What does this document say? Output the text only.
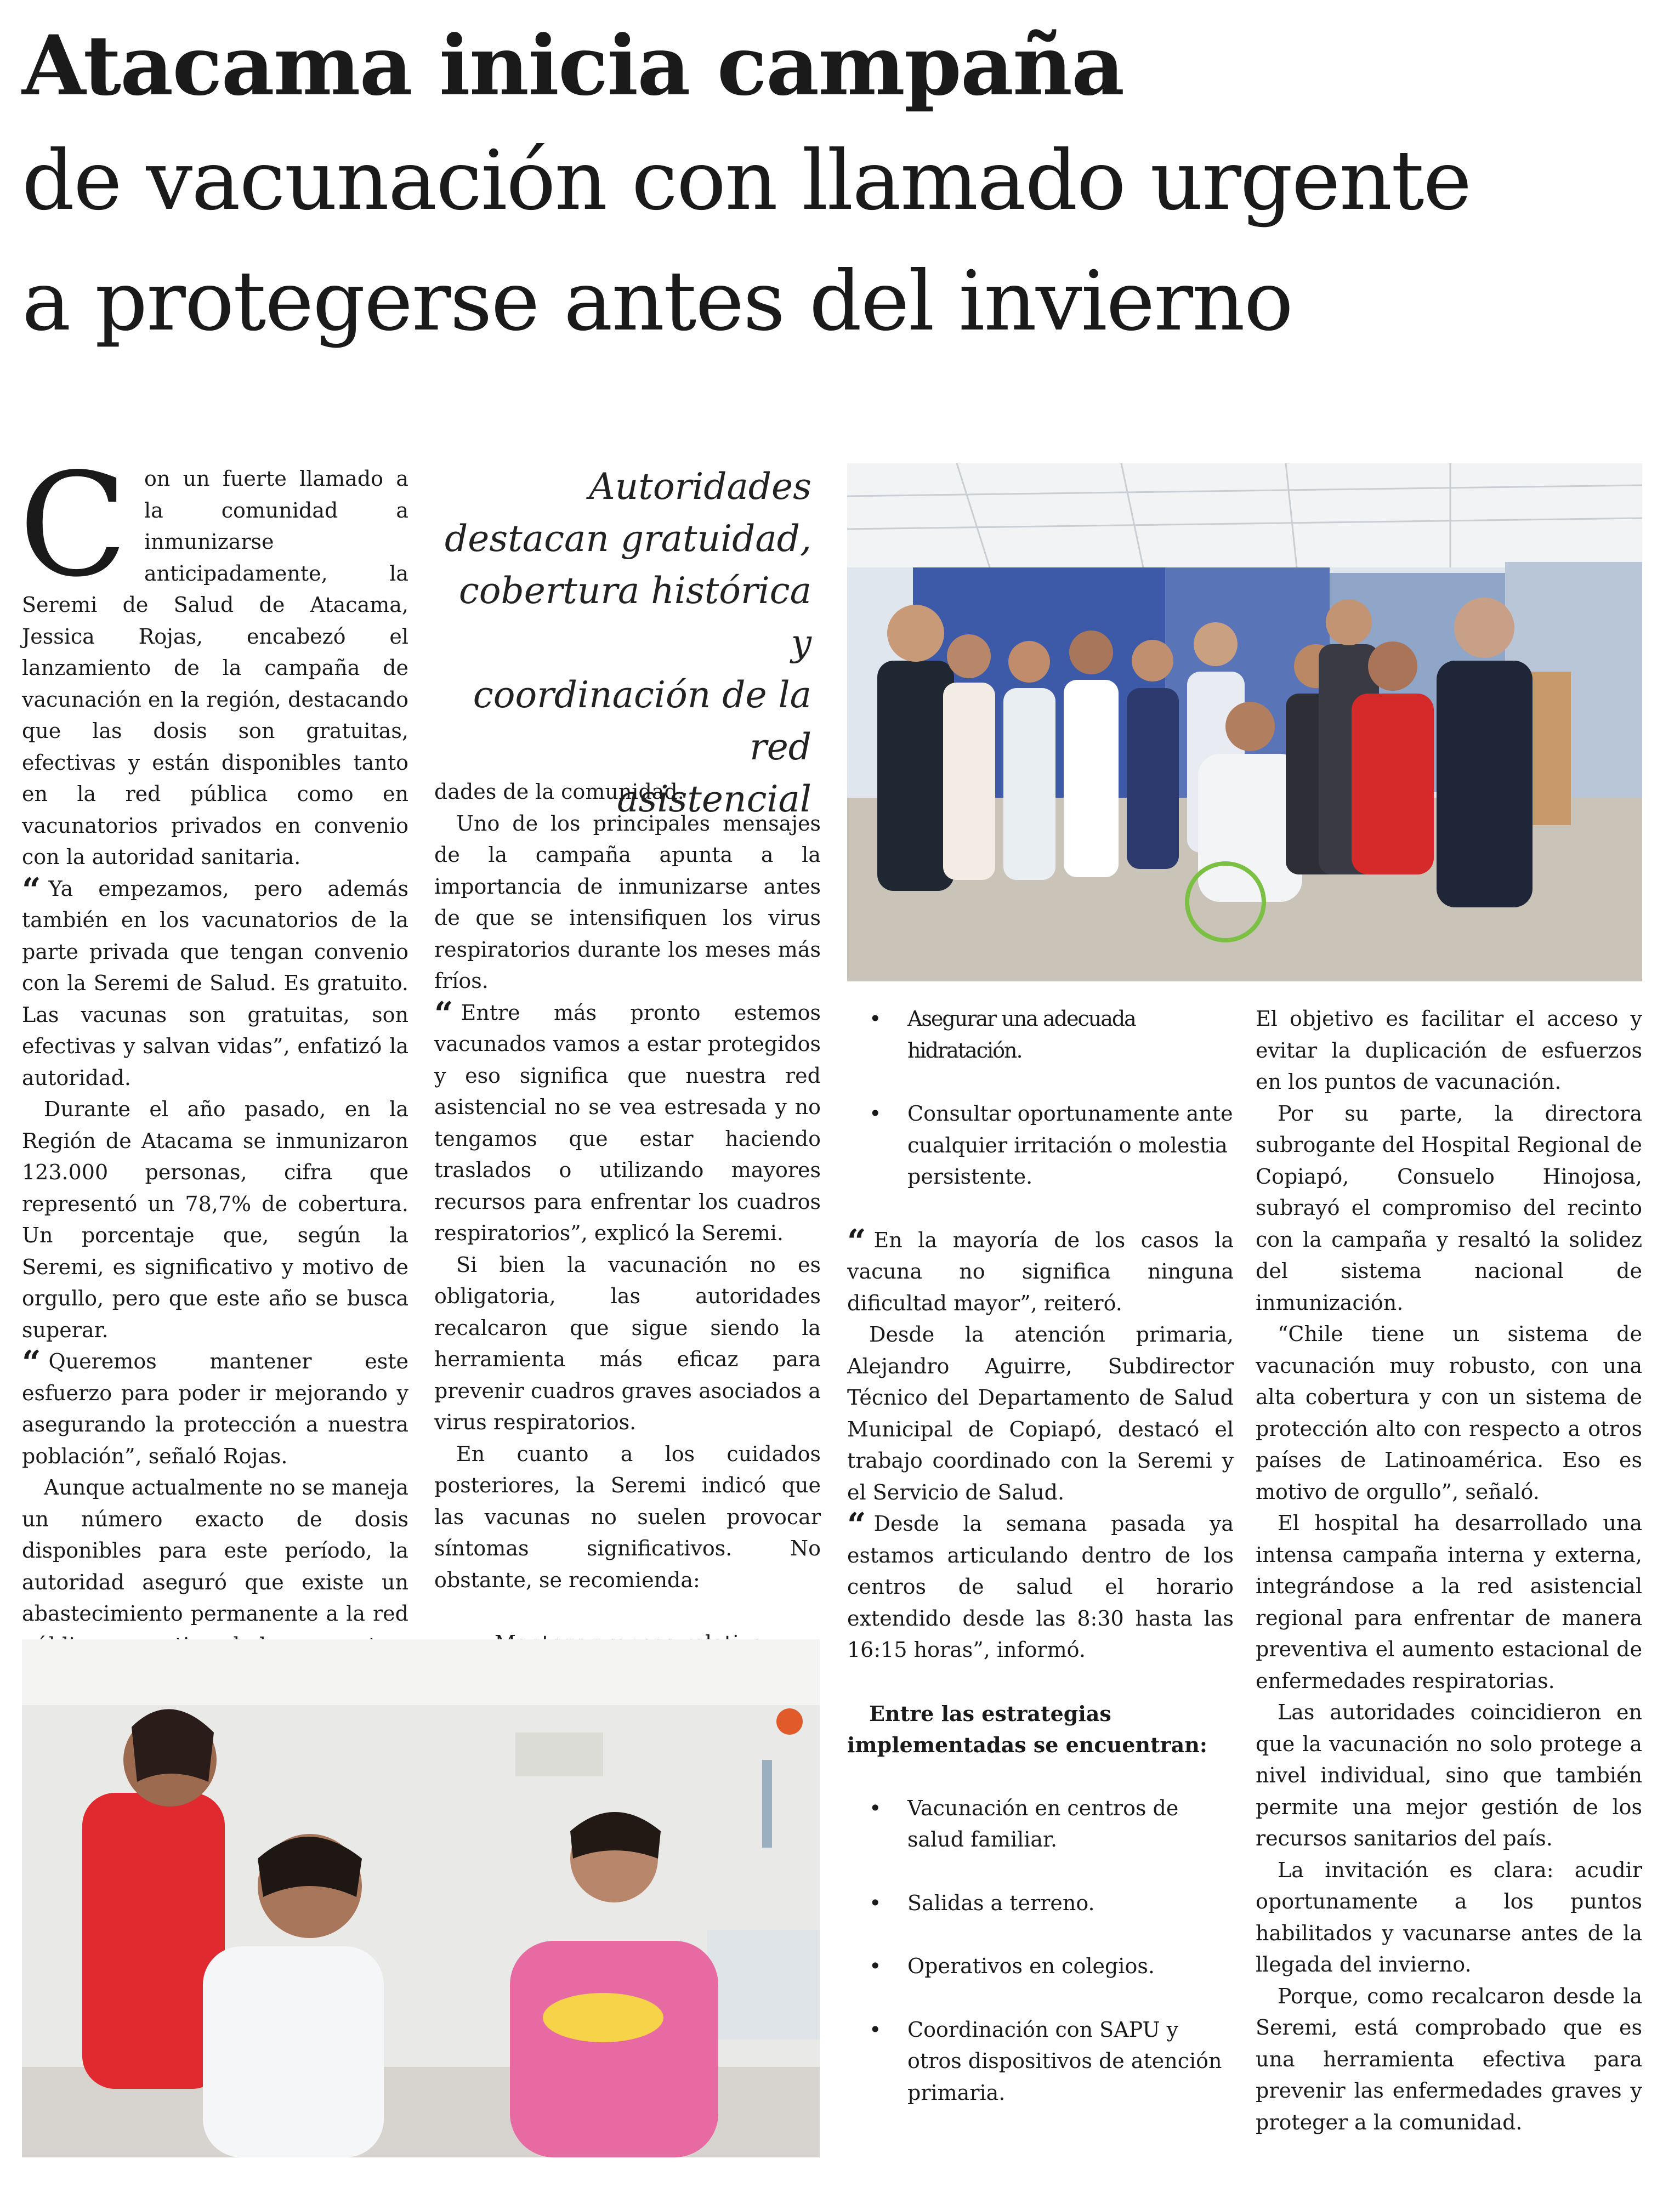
Atacama inicia campaña
de vacunación con llamado urgente
a protegerse antes del invierno

Con un fuerte llamado a la comunidad a inmunizarse anticipadamente, la Seremi de Salud de Atacama, Jessica Rojas, encabezó el lanzamiento de la campaña de vacunación en la región, destacando que las dosis son gratuitas, efectivas y están disponibles tanto en la red pública como en vacunatorios privados en convenio con la autoridad sanitaria.

“ Ya empezamos, pero además también en los vacunatorios de la parte privada que tengan convenio con la Seremi de Salud. Es gratuito. Las vacunas son gratuitas, son efectivas y salvan vidas”, enfatizó la autoridad.

Durante el año pasado, en la Región de Atacama se inmunizaron 123.000 personas, cifra que representó un 78,7% de cobertura. Un porcentaje que, según la Seremi, es significativo y motivo de orgullo, pero que este año se busca superar.

“ Queremos mantener este esfuerzo para poder ir mejorando y asegurando la protección a nuestra población”, señaló Rojas.

Aunque actualmente no se maneja un número exacto de dosis disponibles para este período, la autoridad aseguró que existe un abastecimiento permanente a la red

Autoridades
destacan gratuidad,
cobertura histórica y
coordinación de la red
asistencial

dades de la comunidad.

Uno de los principales mensajes de la campaña apunta a la importancia de inmunizarse antes de que se intensifiquen los virus respiratorios durante los meses más fríos.

“ Entre más pronto estemos vacunados vamos a estar protegidos y eso significa que nuestra red asistencial no se vea estresada y no tengamos que estar haciendo traslados o utilizando mayores recursos para enfrentar los cuadros respiratorios”, explicó la Seremi.

Si bien la vacunación no es obligatoria, las autoridades recalcaron que sigue siendo la herramienta más eficaz para prevenir cuadros graves asociados a virus respiratorios.

En cuanto a los cuidados posteriores, la Seremi indicó que las vacunas no suelen provocar síntomas significativos. No obstante, se recomienda:

•
• Asegurar una adecuada hidratación.
• Consultar oportunamente ante cualquier irritación o molestia persistente.

“ En la mayoría de los casos la vacuna no significa ninguna dificultad mayor”, reiteró.

Desde la atención primaria, Alejandro Aguirre, Subdirector Técnico del Departamento de Salud Municipal de Copiapó, destacó el trabajo coordinado con la Seremi y el Servicio de Salud.

“ Desde la semana pasada ya estamos articulando dentro de los centros de salud el horario extendido desde las 8:30 hasta las 16:15 horas”, informó.

Entre las estrategias implementadas se encuentran:

• Vacunación en centros de salud familiar.
• Salidas a terreno.
• Operativos en colegios.
• Coordinación con SAPU y otros dispositivos de atención primaria.

El objetivo es facilitar el acceso y evitar la duplicación de esfuerzos en los puntos de vacunación.

Por su parte, la directora subrogante del Hospital Regional de Copiapó, Consuelo Hinojosa, subrayó el compromiso del recinto con la campaña y resaltó la solidez del sistema nacional de inmunización.

“Chile tiene un sistema de vacunación muy robusto, con una alta cobertura y con un sistema de protección alto con respecto a otros países de Latinoamérica. Eso es motivo de orgullo”, señaló.

El hospital ha desarrollado una intensa campaña interna y externa, integrándose a la red asistencial regional para enfrentar de manera preventiva el aumento estacional de enfermedades respiratorias.

Las autoridades coincidieron en que la vacunación no solo protege a nivel individual, sino que también permite una mejor gestión de los recursos sanitarios del país.

La invitación es clara: acudir oportunamente a los puntos habilitados y vacunarse antes de la llegada del invierno.

Porque, como recalcaron desde la Seremi, está comprobado que es una herramienta efectiva para prevenir las enfermedades graves y proteger a la comunidad.
